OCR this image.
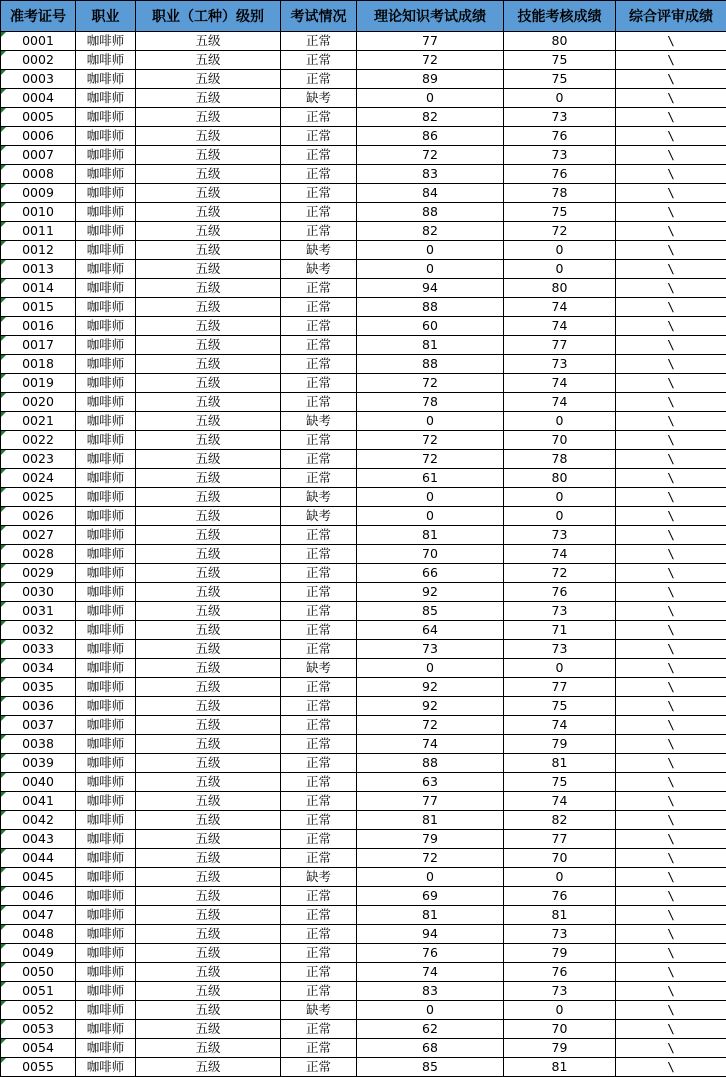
准考证号	职业	职业（工种）级别	考试情况	理论知识考试成绩	技能考核成绩	综合评审成绩
0001	咖啡师	五级	正常	77	80	\
0002	咖啡师	五级	正常	72	75	\
0003	咖啡师	五级	正常	89	75	\
0004	咖啡师	五级	缺考	0	0	\
0005	咖啡师	五级	正常	82	73	\
0006	咖啡师	五级	正常	86	76	\
0007	咖啡师	五级	正常	72	73	\
0008	咖啡师	五级	正常	83	76	\
0009	咖啡师	五级	正常	84	78	\
0010	咖啡师	五级	正常	88	75	\
0011	咖啡师	五级	正常	82	72	\
0012	咖啡师	五级	缺考	0	0	\
0013	咖啡师	五级	缺考	0	0	\
0014	咖啡师	五级	正常	94	80	\
0015	咖啡师	五级	正常	88	74	\
0016	咖啡师	五级	正常	60	74	\
0017	咖啡师	五级	正常	81	77	\
0018	咖啡师	五级	正常	88	73	\
0019	咖啡师	五级	正常	72	74	\
0020	咖啡师	五级	正常	78	74	\
0021	咖啡师	五级	缺考	0	0	\
0022	咖啡师	五级	正常	72	70	\
0023	咖啡师	五级	正常	72	78	\
0024	咖啡师	五级	正常	61	80	\
0025	咖啡师	五级	缺考	0	0	\
0026	咖啡师	五级	缺考	0	0	\
0027	咖啡师	五级	正常	81	73	\
0028	咖啡师	五级	正常	70	74	\
0029	咖啡师	五级	正常	66	72	\
0030	咖啡师	五级	正常	92	76	\
0031	咖啡师	五级	正常	85	73	\
0032	咖啡师	五级	正常	64	71	\
0033	咖啡师	五级	正常	73	73	\
0034	咖啡师	五级	缺考	0	0	\
0035	咖啡师	五级	正常	92	77	\
0036	咖啡师	五级	正常	92	75	\
0037	咖啡师	五级	正常	72	74	\
0038	咖啡师	五级	正常	74	79	\
0039	咖啡师	五级	正常	88	81	\
0040	咖啡师	五级	正常	63	75	\
0041	咖啡师	五级	正常	77	74	\
0042	咖啡师	五级	正常	81	82	\
0043	咖啡师	五级	正常	79	77	\
0044	咖啡师	五级	正常	72	70	\
0045	咖啡师	五级	缺考	0	0	\
0046	咖啡师	五级	正常	69	76	\
0047	咖啡师	五级	正常	81	81	\
0048	咖啡师	五级	正常	94	73	\
0049	咖啡师	五级	正常	76	79	\
0050	咖啡师	五级	正常	74	76	\
0051	咖啡师	五级	正常	83	73	\
0052	咖啡师	五级	缺考	0	0	\
0053	咖啡师	五级	正常	62	70	\
0054	咖啡师	五级	正常	68	79	\
0055	咖啡师	五级	正常	85	81	\
